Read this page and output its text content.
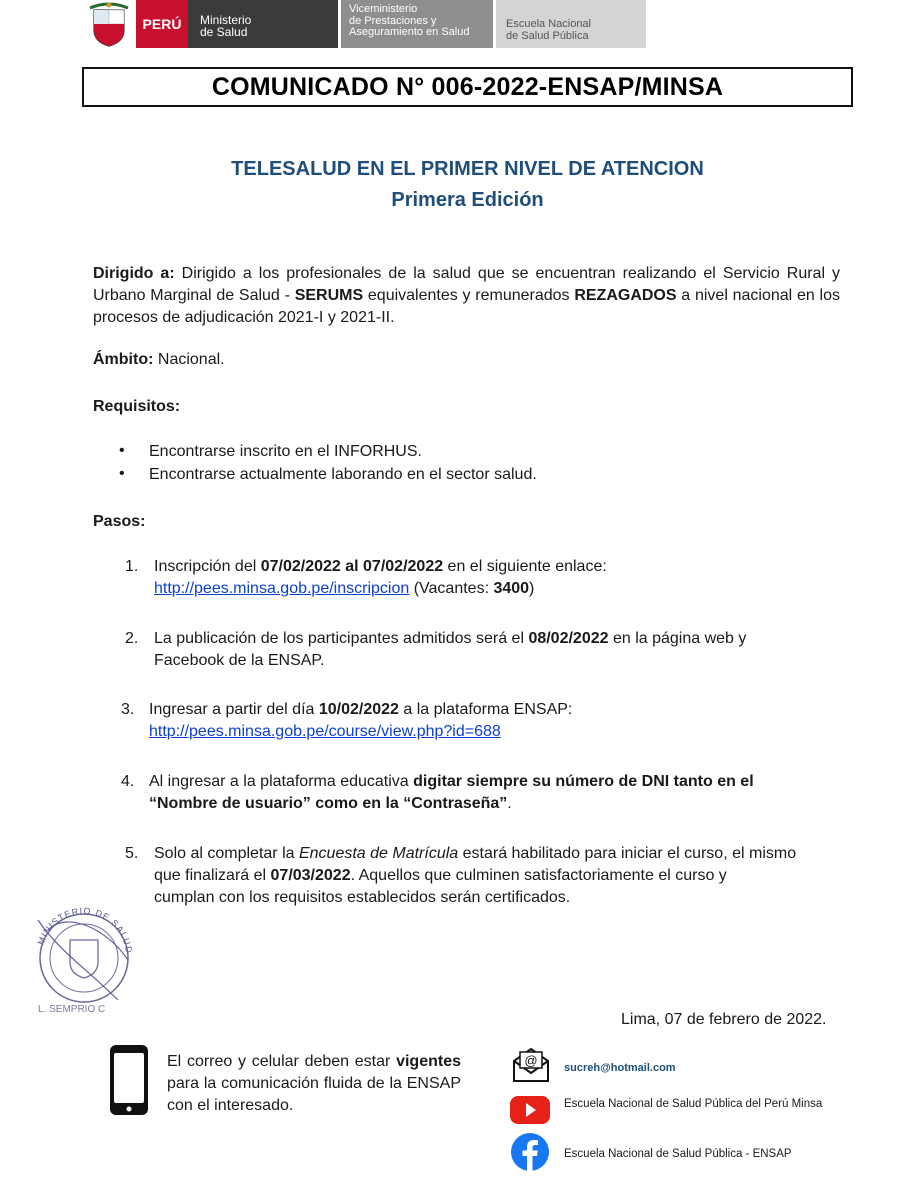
PERÚ	Ministerio
de Salud
Viceministerio
de Prestaciones y
Aseguramiento en Salud
Escuela Nacional
de Salud Pública
COMUNICADO N° 006-2022-ENSAP/MINSA
TELESALUD EN EL PRIMER NIVEL DE ATENCION
Primera Edición
Dirigido a: Dirigido a los profesionales de la salud que se encuentran realizando el Servicio Rural y Urbano Marginal de Salud - SERUMS equivalentes y remunerados REZAGADOS a nivel nacional en los procesos de adjudicación 2021-I y 2021-II.
Ámbito: Nacional.
Requisitos:
• Encontrarse inscrito en el INFORHUS.
• Encontrarse actualmente laborando en el sector salud.
Pasos:
1. Inscripción del 07/02/2022 al 07/02/2022 en el siguiente enlace:
http://pees.minsa.gob.pe/inscripcion (Vacantes: 3400)
2. La publicación de los participantes admitidos será el 08/02/2022 en la página web y
Facebook de la ENSAP.
3. Ingresar a partir del día 10/02/2022 a la plataforma ENSAP:
http://pees.minsa.gob.pe/course/view.php?id=688
4. Al ingresar a la plataforma educativa digitar siempre su número de DNI tanto en el
“Nombre de usuario” como en la “Contraseña”.
5. Solo al completar la Encuesta de Matrícula estará habilitado para iniciar el curso, el mismo
que finalizará el 07/03/2022. Aquellos que culminen satisfactoriamente el curso y
cumplan con los requisitos establecidos serán certificados.
MINISTERIO DE SALUD
L. SEMPRIO C
Lima, 07 de febrero de 2022.
El correo y celular deben estar vigentes para la comunicación fluida de la ENSAP con el interesado.
@ sucreh@hotmail.com
Escuela Nacional de Salud Pública del Perú Minsa
Escuela Nacional de Salud Pública - ENSAP
